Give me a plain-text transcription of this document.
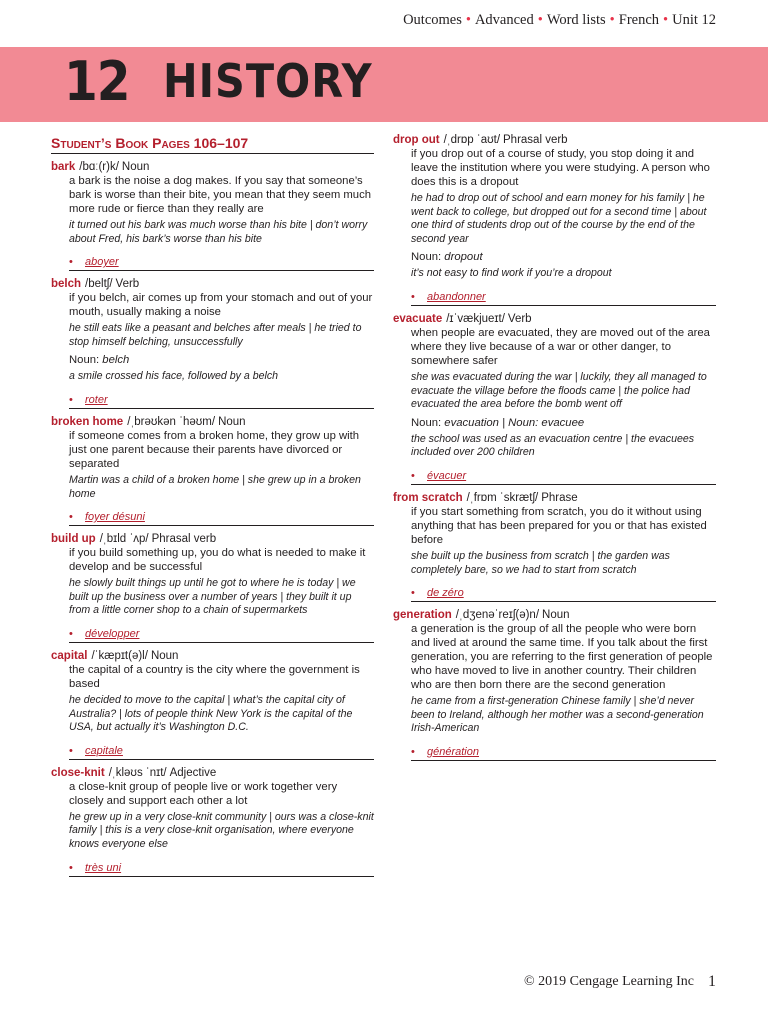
Outcomes • Advanced • Word lists • French • Unit 12
12 HISTORY
Student’s Book Pages 106–107
bark /bɑː(r)k/ Noun
a bark is the noise a dog makes. If you say that someone’s bark is worse than their bite, you mean that they seem much more rude or fierce than they really are
it turned out his bark was much worse than his bite | don’t worry about Fred, his bark’s worse than his bite
• aboyer
belch /beltʃ/ Verb
if you belch, air comes up from your stomach and out of your mouth, usually making a noise
he still eats like a peasant and belches after meals | he tried to stop himself belching, unsuccessfully
Noun: belch
a smile crossed his face, followed by a belch
• roter
broken home /ˌbrəʊkən ˈhəʊm/ Noun
if someone comes from a broken home, they grow up with just one parent because their parents have divorced or separated
Martin was a child of a broken home | she grew up in a broken home
• foyer désuni
build up /ˌbɪld ˈʌp/ Phrasal verb
if you build something up, you do what is needed to make it develop and be successful
he slowly built things up until he got to where he is today | we built up the business over a number of years | they built it up from a little corner shop to a chain of supermarkets
• développer
capital /ˈkæpɪt(ə)l/ Noun
the capital of a country is the city where the government is based
he decided to move to the capital | what’s the capital city of Australia? | lots of people think New York is the capital of the USA, but actually it’s Washington D.C.
• capitale
close-knit /ˌkləʊs ˈnɪt/ Adjective
a close-knit group of people live or work together very closely and support each other a lot
he grew up in a very close-knit community | ours was a close-knit family | this is a very close-knit organisation, where everyone knows everyone else
• très uni
drop out /ˌdrɒp ˈaʊt/ Phrasal verb
if you drop out of a course of study, you stop doing it and leave the institution where you were studying. A person who does this is a dropout
he had to drop out of school and earn money for his family | he went back to college, but dropped out for a second time | about one third of students drop out of the course by the end of the second year
Noun: dropout
it’s not easy to find work if you’re a dropout
• abandonner
evacuate /ɪˈvækjueɪt/ Verb
when people are evacuated, they are moved out of the area where they live because of a war or other danger, to somewhere safer
she was evacuated during the war | luckily, they all managed to evacuate the village before the floods came | the police had evacuated the area before the bomb went off
Noun: evacuation | Noun: evacuee
the school was used as an evacuation centre | the evacuees included over 200 children
• évacuer
from scratch /ˌfrɒm ˈskrætʃ/ Phrase
if you start something from scratch, you do it without using anything that has been prepared for you or that has existed before
she built up the business from scratch | the garden was completely bare, so we had to start from scratch
• de zéro
generation /ˌdʒenəˈreɪʃ(ə)n/ Noun
a generation is the group of all the people who were born and lived at around the same time. If you talk about the first generation, you are referring to the first generation of people who have moved to live in another country. Their children who are then born there are the second generation
he came from a first-generation Chinese family | she’d never been to Ireland, although her mother was a second-generation Irish-American
• génération
© 2019 Cengage Learning Inc 1
